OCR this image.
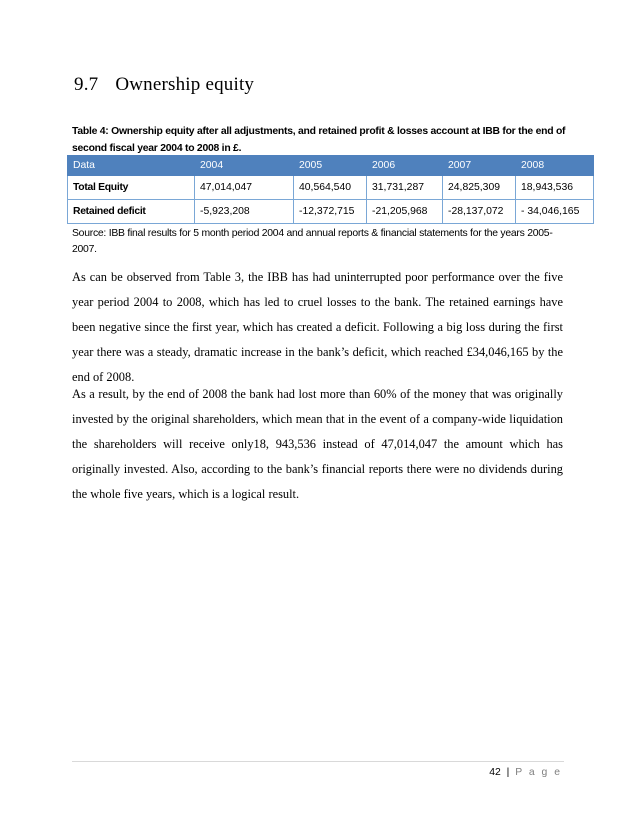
9.7 Ownership equity
Table 4: Ownership equity after all adjustments, and retained profit & losses account at IBB for the end of second fiscal year 2004 to 2008 in £.
Data	2004	2005	2006	2007	2008
Total Equity	47,014,047	40,564,540	31,731,287	24,825,309	18,943,536
Retained deficit	-5,923,208	-12,372,715	-21,205,968	-28,137,072	- 34,046,165
Source: IBB final results for 5 month period 2004 and annual reports & financial statements for the years 2005-2007.

As can be observed from Table 3, the IBB has had uninterrupted poor performance over the five year period 2004 to 2008, which has led to cruel losses to the bank. The retained earnings have been negative since the first year, which has created a deficit. Following a big loss during the first year there was a steady, dramatic increase in the bank’s deficit, which reached £34,046,165 by the end of 2008.

As a result, by the end of 2008 the bank had lost more than 60% of the money that was originally invested by the original shareholders, which mean that in the event of a company-wide liquidation the shareholders will receive only18, 943,536 instead of 47,014,047 the amount which has originally invested. Also, according to the bank’s financial reports there were no dividends during the whole five years, which is a logical result.

42 | P a g e
